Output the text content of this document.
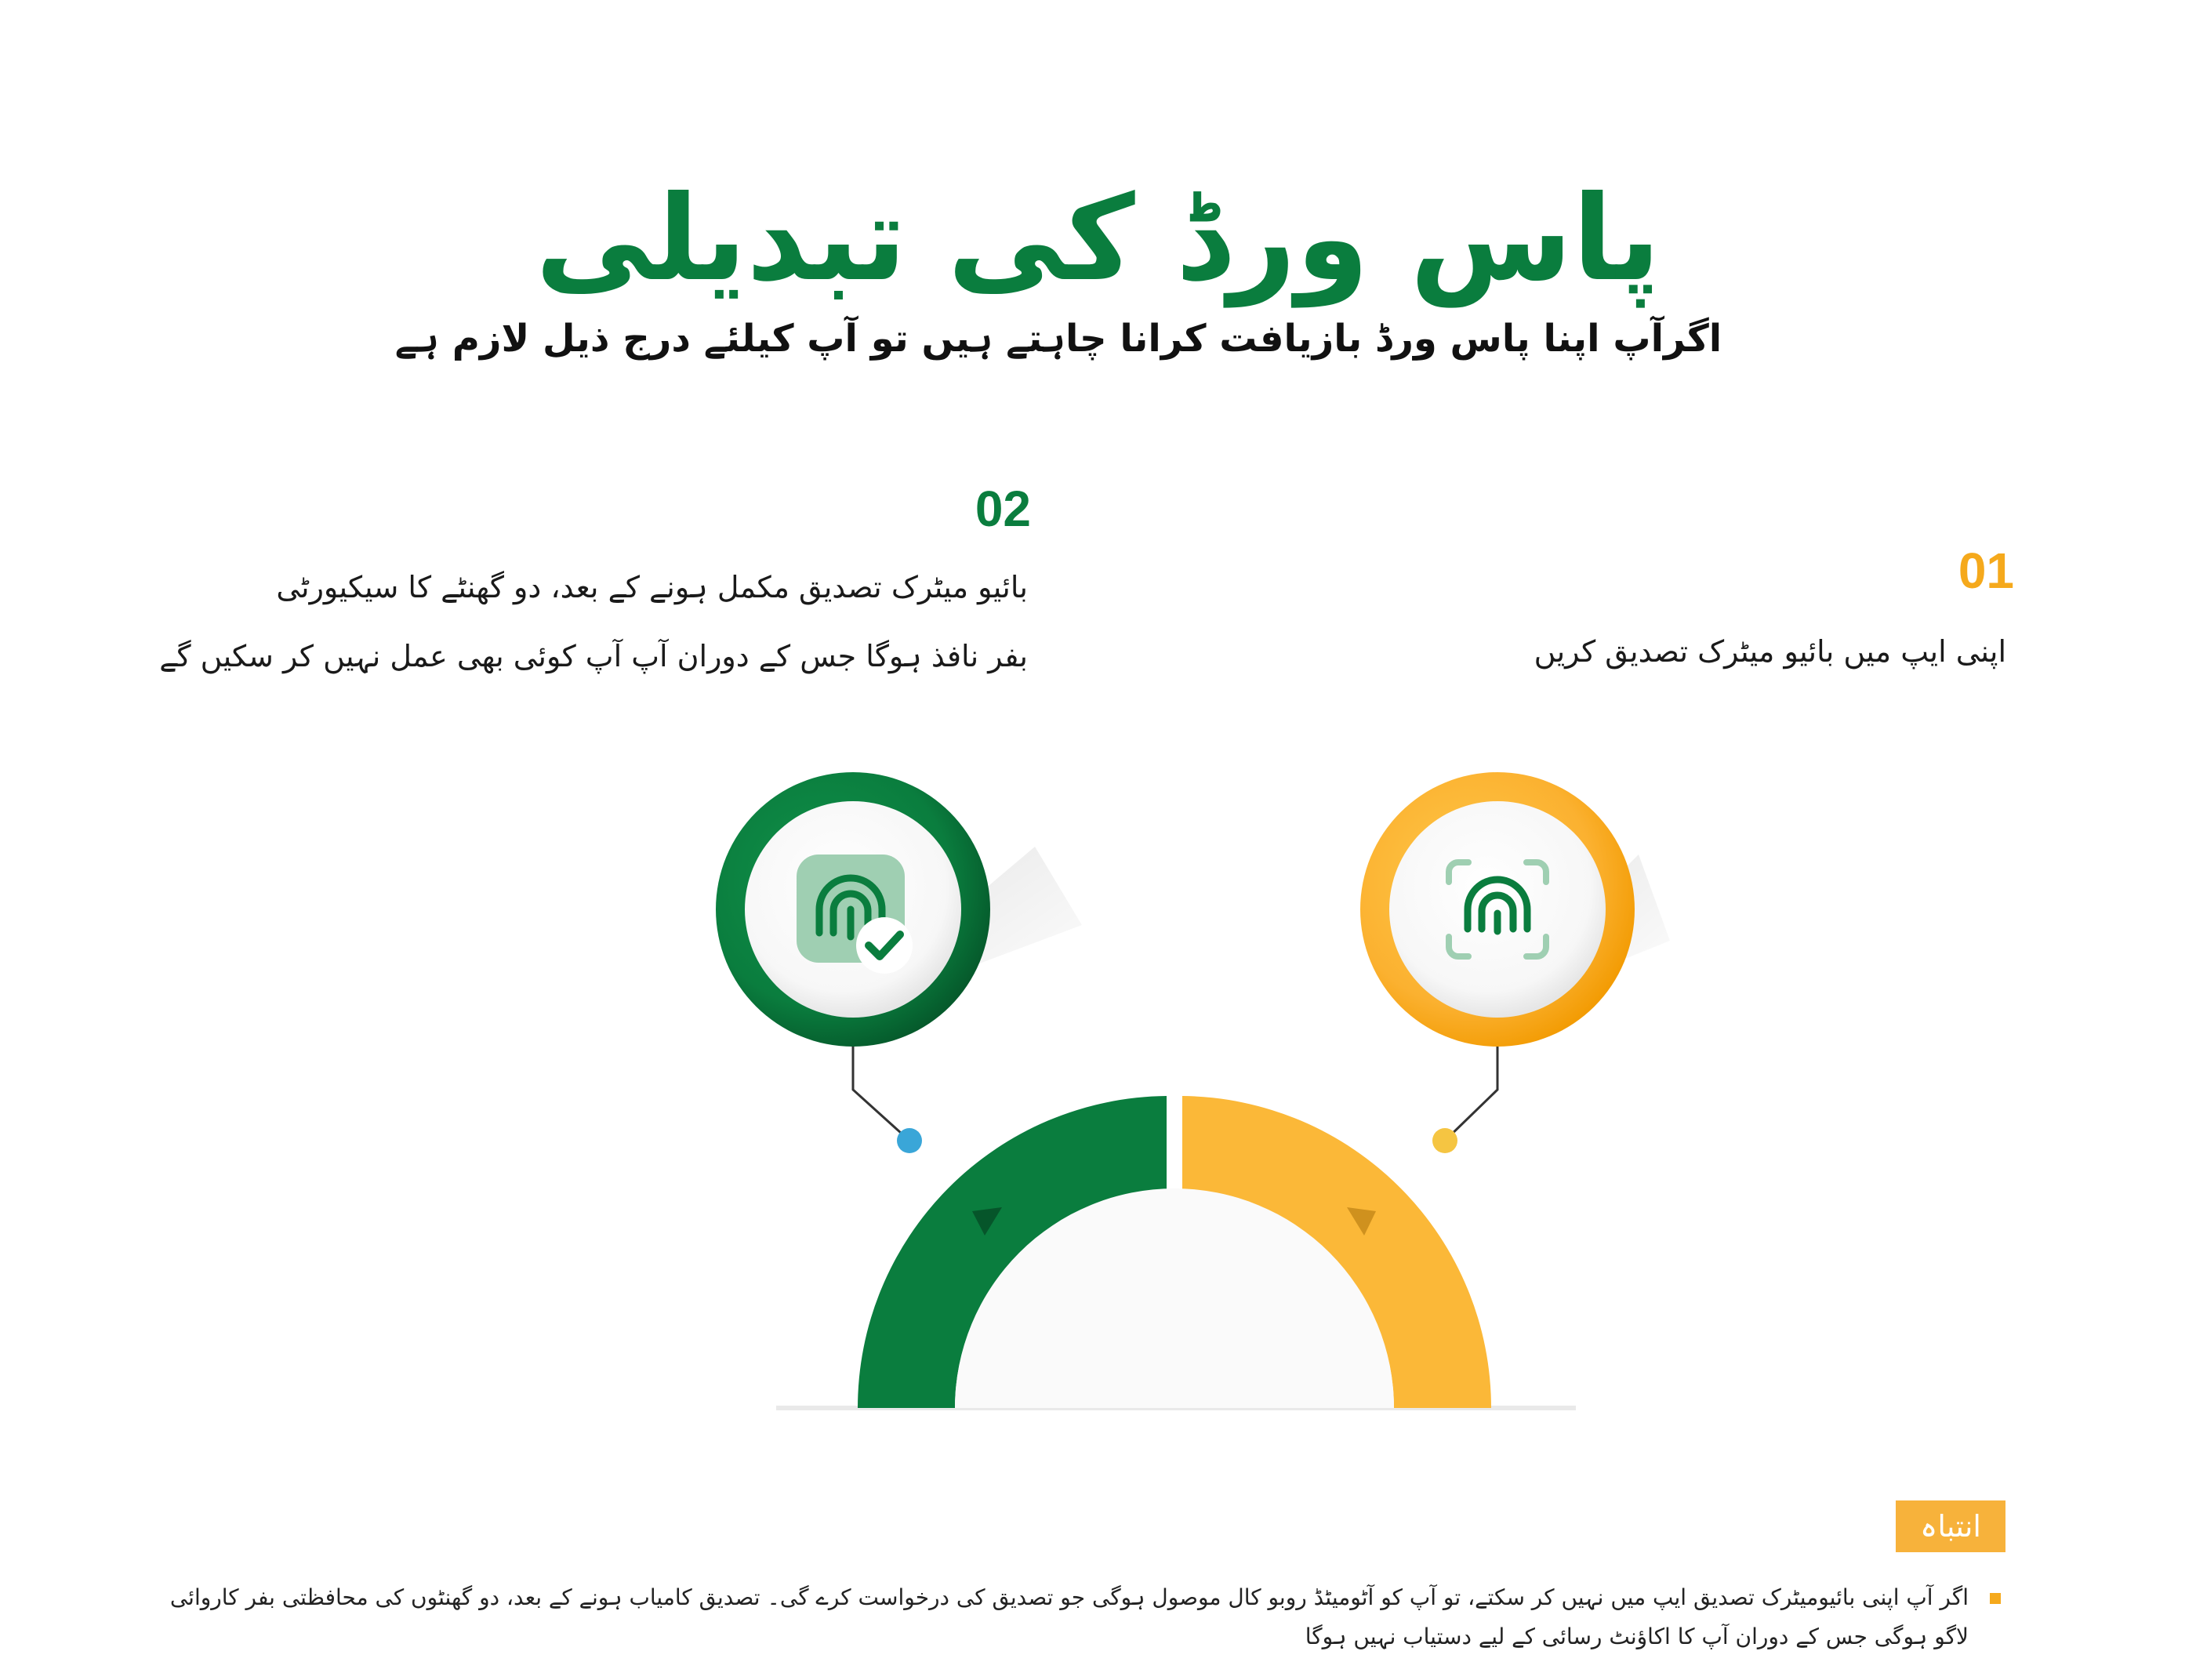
پاس ورڈ کی تبدیلی
اگرآپ اپنا پاس ورڈ بازیافت کرانا چاہتے ہیں تو آپ کیلئے درج ذیل لازم ہے
02
بائیو میٹرک تصدیق مکمل ہونے کے بعد، دو گھنٹے کا سیکیورٹی
بفر نافذ ہوگا جس کے دوران آپ آپ کوئی بھی عمل نہیں کر سکیں گے
01
اپنی ایپ میں بائیو میٹرک تصدیق کریں
انتباہ
اگر آپ اپنی بائیومیٹرک تصدیق ایپ میں نہیں کر سکتے، تو آپ کو آٹومیٹڈ روبو کال موصول ہوگی جو تصدیق کی درخواست کرے گی۔ تصدیق کامیاب ہونے کے بعد، دو گھنٹوں کی محافظتی بفر کاروائی
لاگو ہوگی جس کے دوران آپ کا اکاؤنٹ رسائی کے لیے دستیاب نہیں ہوگا
